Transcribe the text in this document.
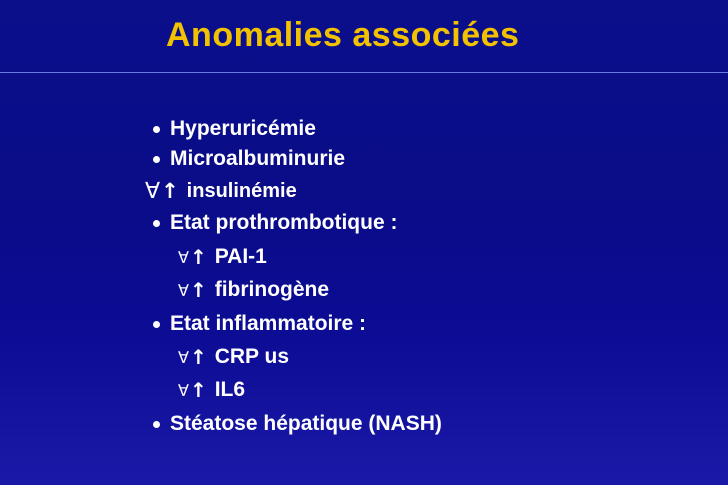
Anomalies associées
Hyperuricémie
Microalbuminurie
∀ ↑ insulinémie
Etat prothrombotique :
∀ ↑ PAI-1
∀ ↑ fibrinogène
Etat inflammatoire :
∀ ↑ CRP us
∀ ↑ IL6
Stéatose hépatique (NASH)
